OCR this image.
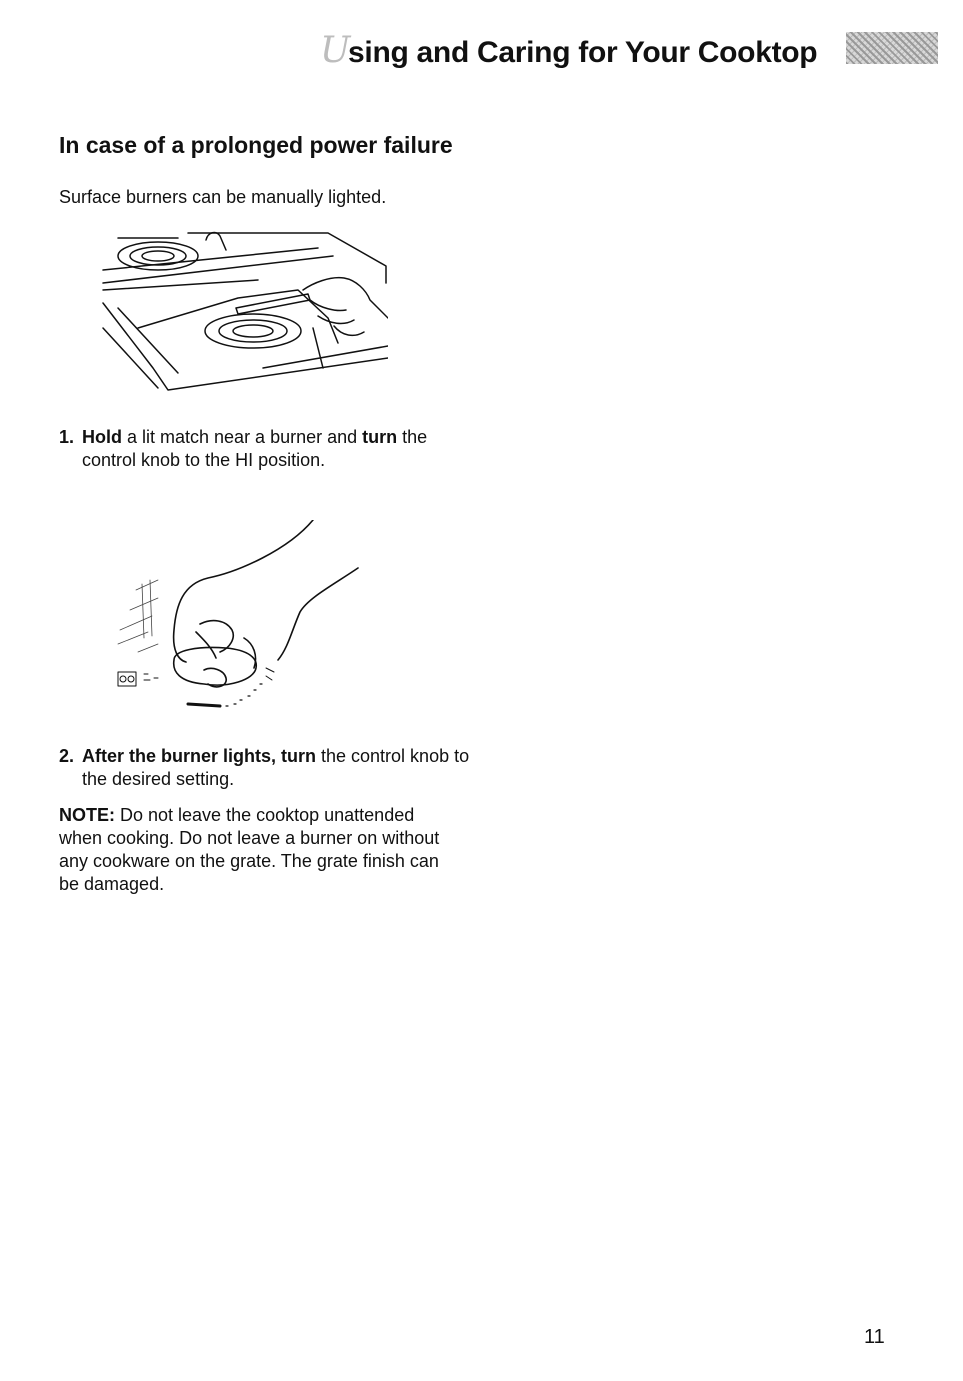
Using and Caring for Your Cooktop
In case of a prolonged power failure

Surface burners can be manually lighted.

1. Hold a lit match near a burner and turn the control knob to the HI position.

2. After the burner lights, turn the control knob to the desired setting.

NOTE: Do not leave the cooktop unattended when cooking. Do not leave a burner on without any cookware on the grate. The grate finish can be damaged.

11
